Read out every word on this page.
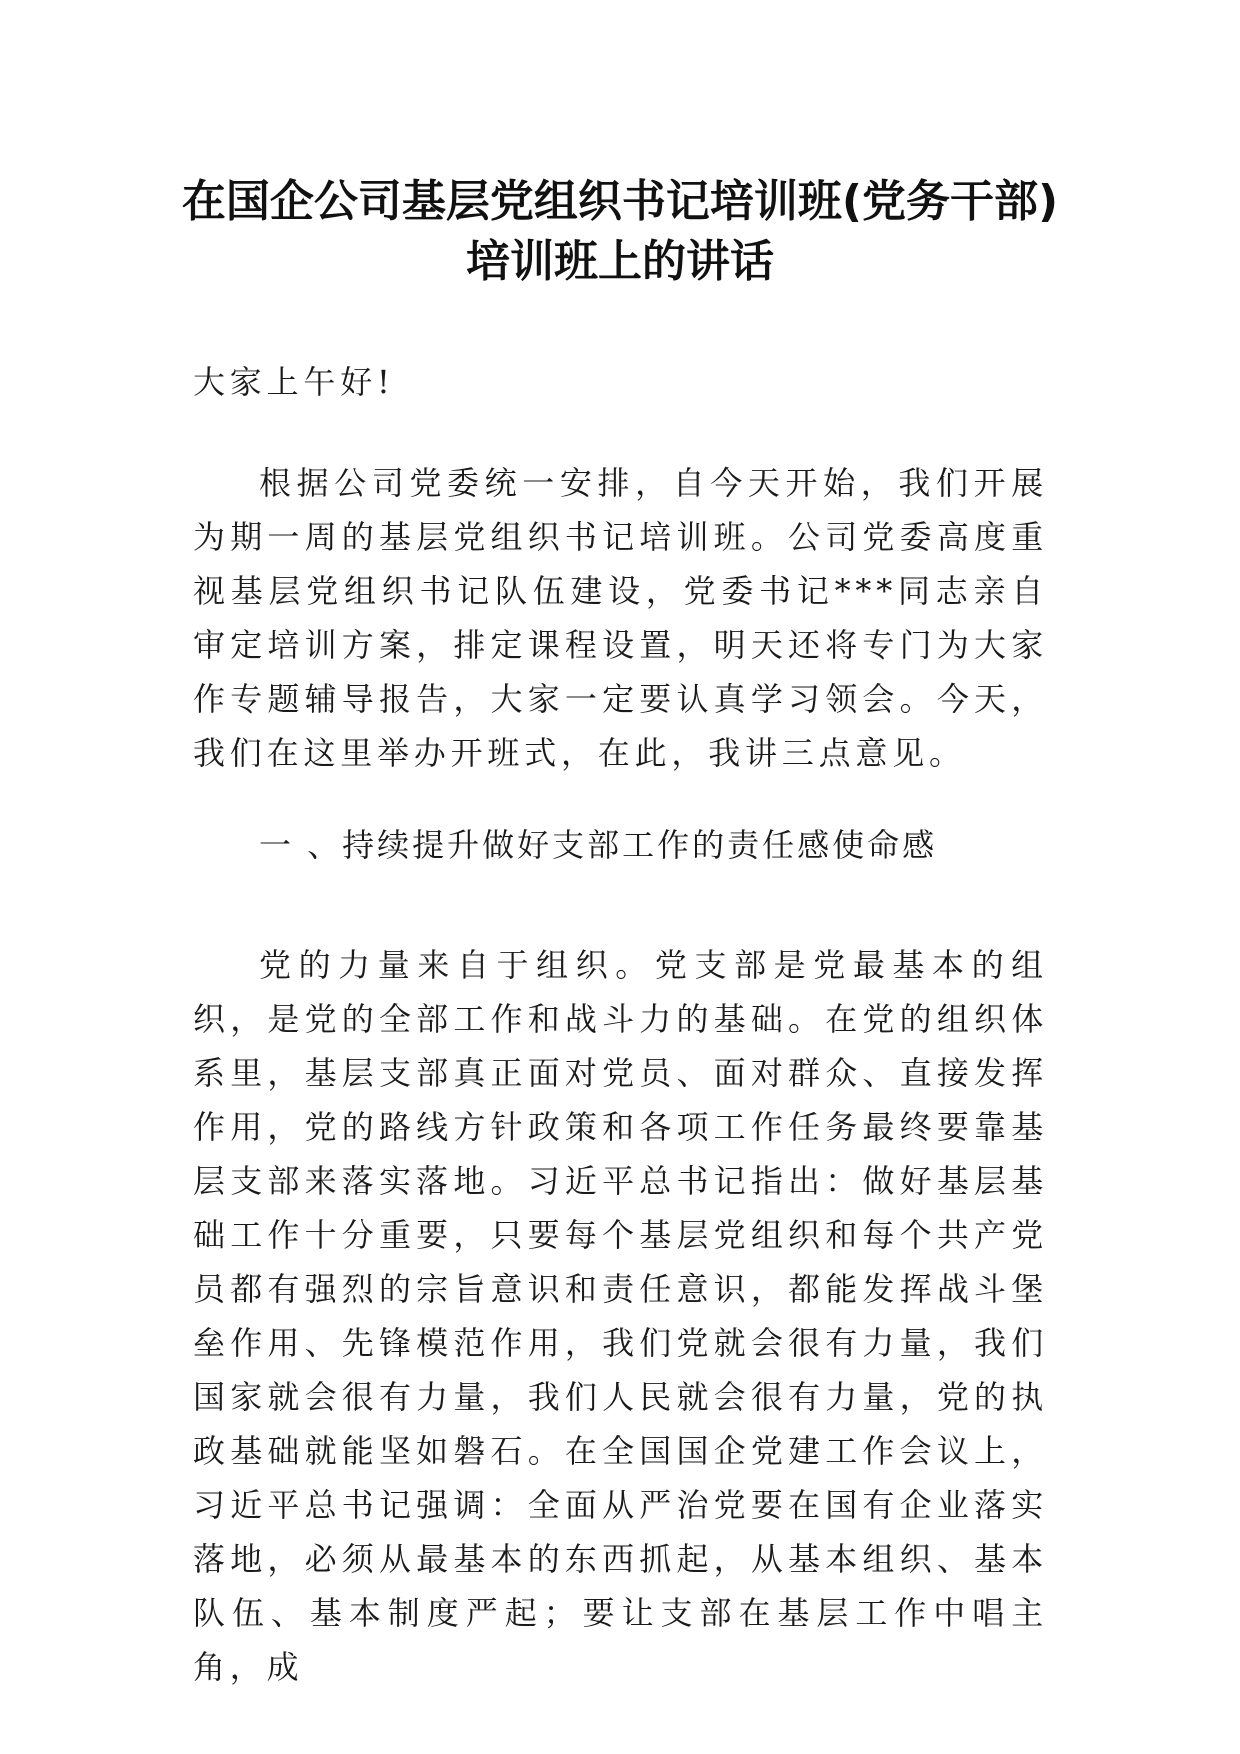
在国企公司基层党组织书记培训班(党务干部)培训班上的讲话

大家上午好!

根据公司党委统一安排，自今天开始，我们开展为期一周的基层党组织书记培训班。公司党委高度重视基层党组织书记队伍建设，党委书记***同志亲自审定培训方案，排定课程设置，明天还将专门为大家作专题辅导报告，大家一定要认真学习领会。今天，我们在这里举办开班式，在此，我讲三点意见。

一 、持续提升做好支部工作的责任感使命感

党的力量来自于组织。党支部是党最基本的组织，是党的全部工作和战斗力的基础。在党的组织体系里，基层支部真正面对党员、面对群众、直接发挥作用，党的路线方针政策和各项工作任务最终要靠基层支部来落实落地。习近平总书记指出：做好基层基础工作十分重要，只要每个基层党组织和每个共产党员都有强烈的宗旨意识和责任意识，都能发挥战斗堡垒作用、先锋模范作用，我们党就会很有力量，我们国家就会很有力量，我们人民就会很有力量，党的执政基础就能坚如磐石。在全国国企党建工作会议上，习近平总书记强调：全面从严治党要在国有企业落实落地，必须从最基本的东西抓起，从基本组织、基本队伍、基本制度严起；要让支部在基层工作中唱主角，成
